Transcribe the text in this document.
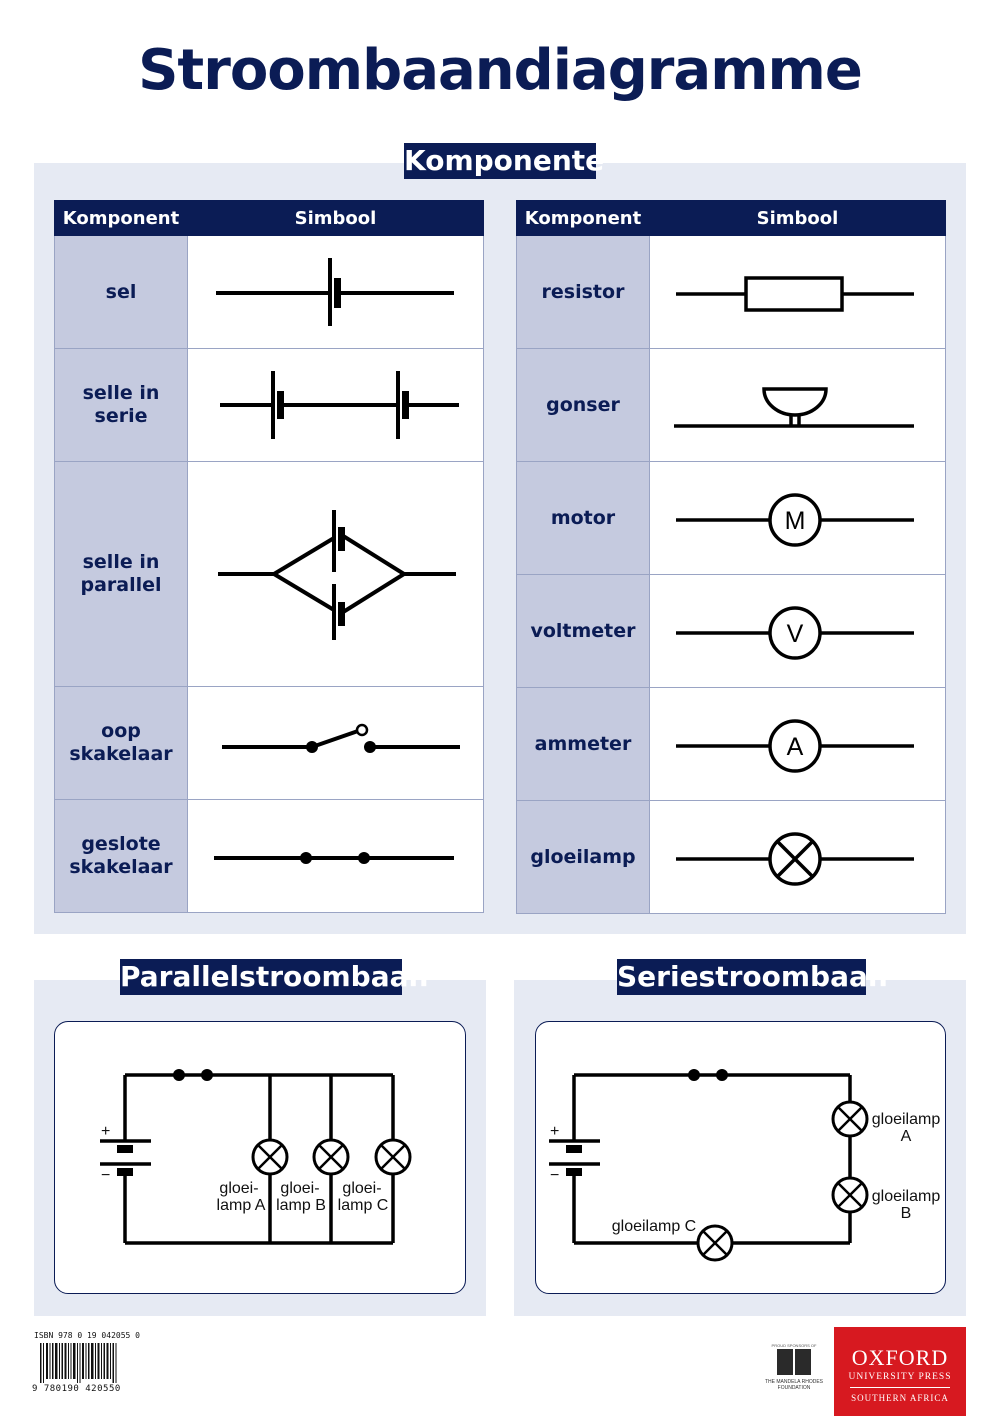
Stroombaandiagramme
Komponente
Komponent	Simbool
sel	

selle in serie	

selle in parallel	

oop skakelaar	

geslote skakelaar	
Komponent	Simbool
resistor	

gonser	

motor	M

voltmeter	V

ammeter	A

gloeilamp	
Parallelstroombaan
+
−
gloei-
lamp A
gloei-
lamp B
gloei-
lamp C
Seriestroombaan
+
−
gloeilamp
A
gloeilamp
B
gloeilamp C
ISBN 978 0 19 042055 0
9 780190 420550
PROUD SPONSORS OF
THE MANDELA RHODES FOUNDATION
OXFORD
UNIVERSITY PRESS
SOUTHERN AFRICA
